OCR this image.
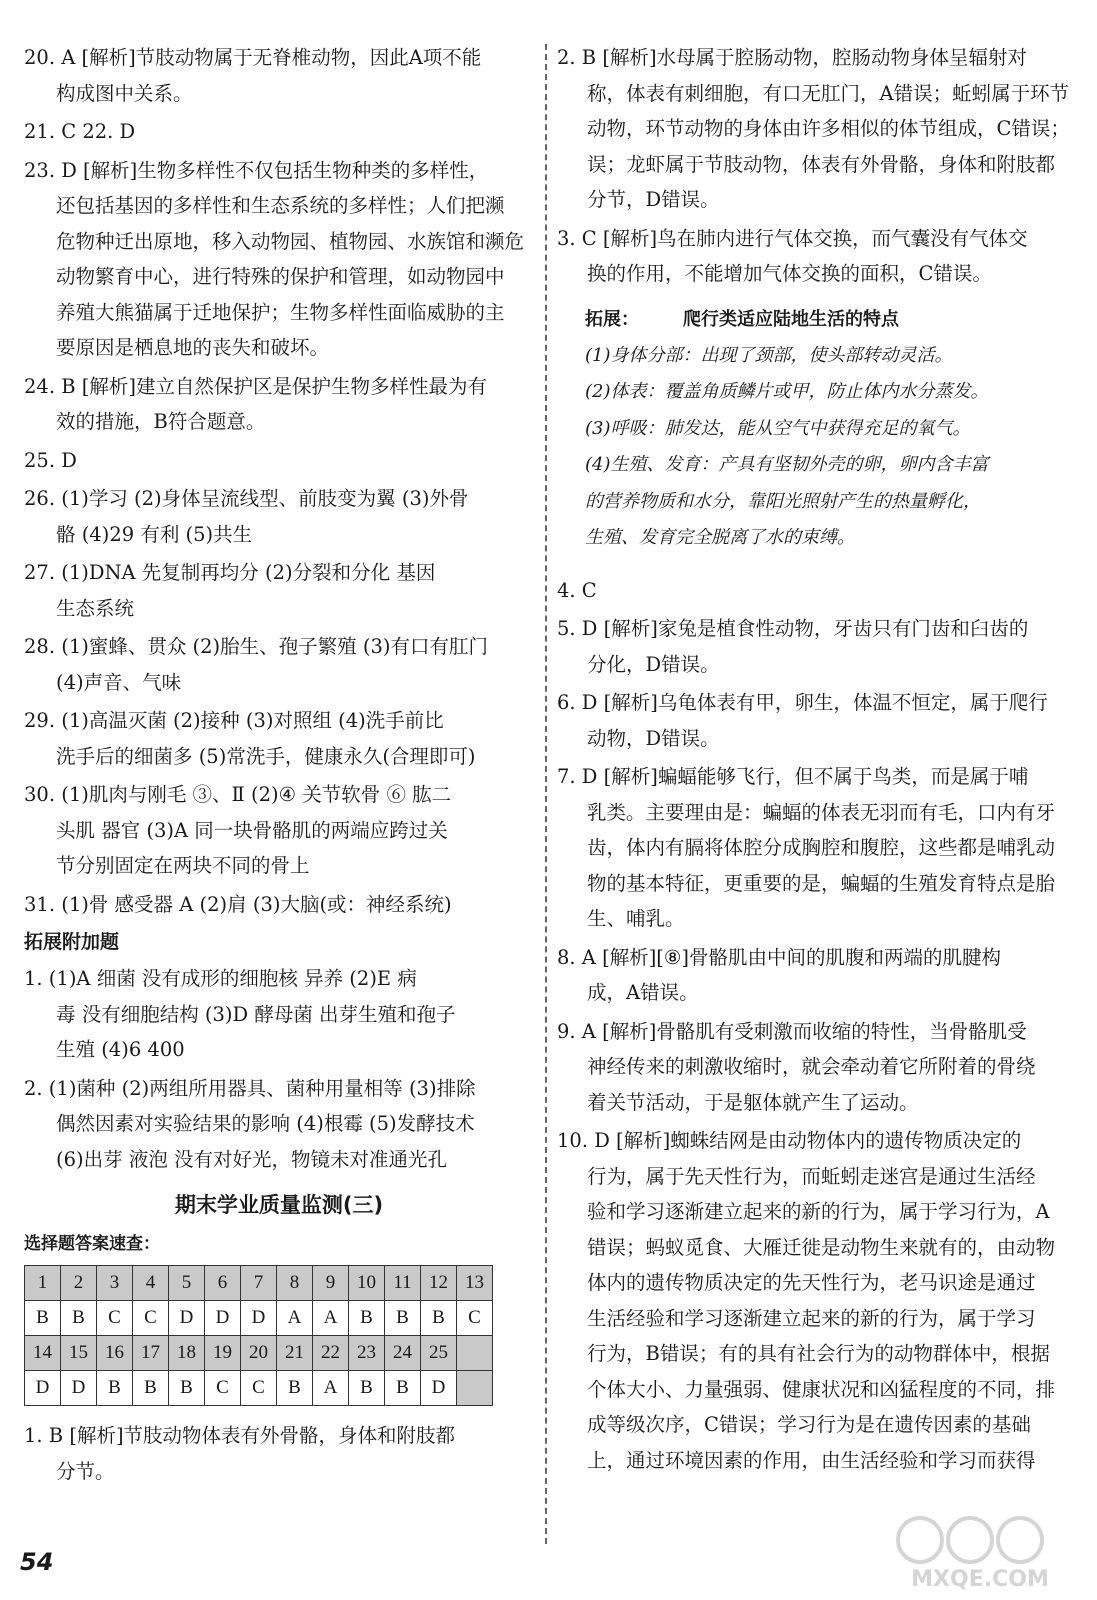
20. A [解析]节肢动物属于无脊椎动物，因此A项不能
构成图中关系。
21. C 22. D
23. D [解析]生物多样性不仅包括生物种类的多样性，
还包括基因的多样性和生态系统的多样性；人们把濒
危物种迁出原地，移入动物园、植物园、水族馆和濒危
动物繁育中心，进行特殊的保护和管理，如动物园中
养殖大熊猫属于迁地保护；生物多样性面临威胁的主
要原因是栖息地的丧失和破坏。
24. B [解析]建立自然保护区是保护生物多样性最为有
效的措施，B符合题意。
25. D
26. (1)学习 (2)身体呈流线型、前肢变为翼 (3)外骨
骼 (4)29 有利 (5)共生
27. (1)DNA 先复制再均分 (2)分裂和分化 基因
生态系统
28. (1)蜜蜂、贯众 (2)胎生、孢子繁殖 (3)有口有肛门
(4)声音、气味
29. (1)高温灭菌 (2)接种 (3)对照组 (4)洗手前比
洗手后的细菌多 (5)常洗手，健康永久(合理即可)
30. (1)肌肉与刚毛 ③、Ⅱ (2)④ 关节软骨 ⑥ 肱二
头肌 器官 (3)A 同一块骨骼肌的两端应跨过关
节分别固定在两块不同的骨上
31. (1)骨 感受器 A (2)肩 (3)大脑(或：神经系统)
拓展附加题
1. (1)A 细菌 没有成形的细胞核 异养 (2)E 病
毒 没有细胞结构 (3)D 酵母菌 出芽生殖和孢子
生殖 (4)6 400
2. (1)菌种 (2)两组所用器具、菌种用量相等 (3)排除
偶然因素对实验结果的影响 (4)根霉 (5)发酵技术
(6)出芽 液泡 没有对好光，物镜未对准通光孔
期末学业质量监测(三)
选择题答案速查：
1	2	3	4	5	6	7	8	9	10	11	12	13
B	B	C	C	D	D	D	A	A	B	B	B	C
14	15	16	17	18	19	20	21	22	23	24	25	
D	D	B	B	B	C	C	B	A	B	B	D	
1. B [解析]节肢动物体表有外骨骼，身体和附肢都
分节。
2. B [解析]水母属于腔肠动物，腔肠动物身体呈辐射对
称，体表有刺细胞，有口无肛门，A错误；蚯蚓属于环节
动物，环节动物的身体由许多相似的体节组成，C错误；
误；龙虾属于节肢动物，体表有外骨骼，身体和附肢都
分节，D错误。
3. C [解析]鸟在肺内进行气体交换，而气囊没有气体交
换的作用，不能增加气体交换的面积，C错误。
拓展： 爬行类适应陆地生活的特点
(1)身体分部：出现了颈部，使头部转动灵活。
(2)体表：覆盖角质鳞片或甲，防止体内水分蒸发。
(3)呼吸：肺发达，能从空气中获得充足的氧气。
(4)生殖、发育：产具有坚韧外壳的卵，卵内含丰富
的营养物质和水分，靠阳光照射产生的热量孵化，
生殖、发育完全脱离了水的束缚。
4. C
5. D [解析]家兔是植食性动物，牙齿只有门齿和臼齿的
分化，D错误。
6. D [解析]乌龟体表有甲，卵生，体温不恒定，属于爬行
动物，D错误。
7. D [解析]蝙蝠能够飞行，但不属于鸟类，而是属于哺
乳类。主要理由是：蝙蝠的体表无羽而有毛，口内有牙
齿，体内有膈将体腔分成胸腔和腹腔，这些都是哺乳动
物的基本特征，更重要的是，蝙蝠的生殖发育特点是胎
生、哺乳。
8. A [解析][⑧]骨骼肌由中间的肌腹和两端的肌腱构
成，A错误。
9. A [解析]骨骼肌有受刺激而收缩的特性，当骨骼肌受
神经传来的刺激收缩时，就会牵动着它所附着的骨绕
着关节活动，于是躯体就产生了运动。
10. D [解析]蜘蛛结网是由动物体内的遗传物质决定的
行为，属于先天性行为，而蚯蚓走迷宫是通过生活经
验和学习逐渐建立起来的新的行为，属于学习行为，A
错误；蚂蚁觅食、大雁迁徙是动物生来就有的，由动物
体内的遗传物质决定的先天性行为，老马识途是通过
生活经验和学习逐渐建立起来的新的行为，属于学习
行为，B错误；有的具有社会行为的动物群体中，根据
个体大小、力量强弱、健康状况和凶猛程度的不同，排
成等级次序，C错误；学习行为是在遗传因素的基础
上，通过环境因素的作用，由生活经验和学习而获得
54
MXQE.COM
